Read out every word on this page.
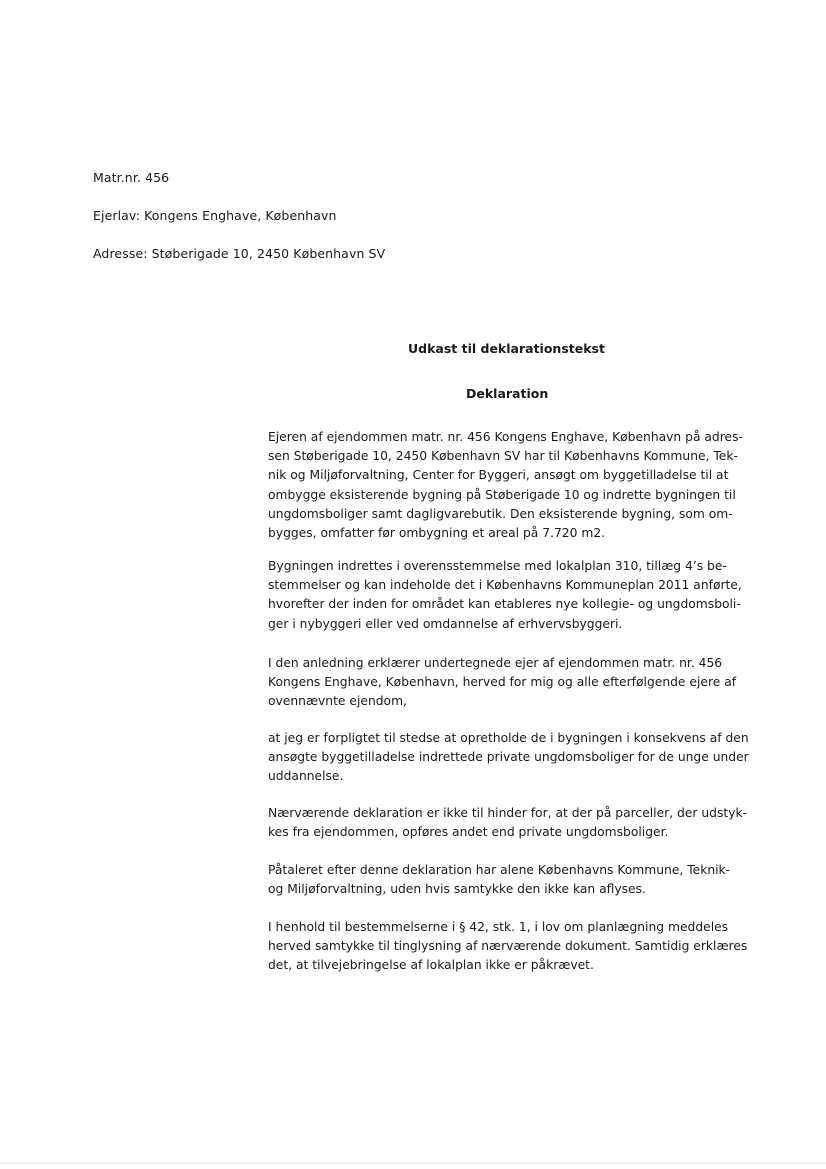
Matr.nr. 456
Ejerlav: Kongens Enghave, København
Adresse: Støberigade 10, 2450 København SV
Udkast til deklarationstekst
Deklaration
Ejeren af ejendommen matr. nr. 456 Kongens Enghave, København på adres-
sen Støberigade 10, 2450 København SV har til Københavns Kommune, Tek-
nik og Miljøforvaltning, Center for Byggeri, ansøgt om byggetilladelse til at
ombygge eksisterende bygning på Støberigade 10 og indrette bygningen til
ungdomsboliger samt dagligvarebutik. Den eksisterende bygning, som om-
bygges, omfatter før ombygning et areal på 7.720 m2.
Bygningen indrettes i overensstemmelse med lokalplan 310, tillæg 4’s be-
stemmelser og kan indeholde det i Københavns Kommuneplan 2011 anførte,
hvorefter der inden for området kan etableres nye kollegie- og ungdomsboli-
ger i nybyggeri eller ved omdannelse af erhvervsbyggeri.
I den anledning erklærer undertegnede ejer af ejendommen matr. nr. 456
Kongens Enghave, København, herved for mig og alle efterfølgende ejere af
ovennævnte ejendom,
at jeg er forpligtet til stedse at opretholde de i bygningen i konsekvens af den
ansøgte byggetilladelse indrettede private ungdomsboliger for de unge under
uddannelse.
Nærværende deklaration er ikke til hinder for, at der på parceller, der udstyk-
kes fra ejendommen, opføres andet end private ungdomsboliger.
Påtaleret efter denne deklaration har alene Københavns Kommune, Teknik-
og Miljøforvaltning, uden hvis samtykke den ikke kan aflyses.
I henhold til bestemmelserne i § 42, stk. 1, i lov om planlægning meddeles
herved samtykke til tinglysning af nærværende dokument. Samtidig erklæres
det, at tilvejebringelse af lokalplan ikke er påkrævet.
